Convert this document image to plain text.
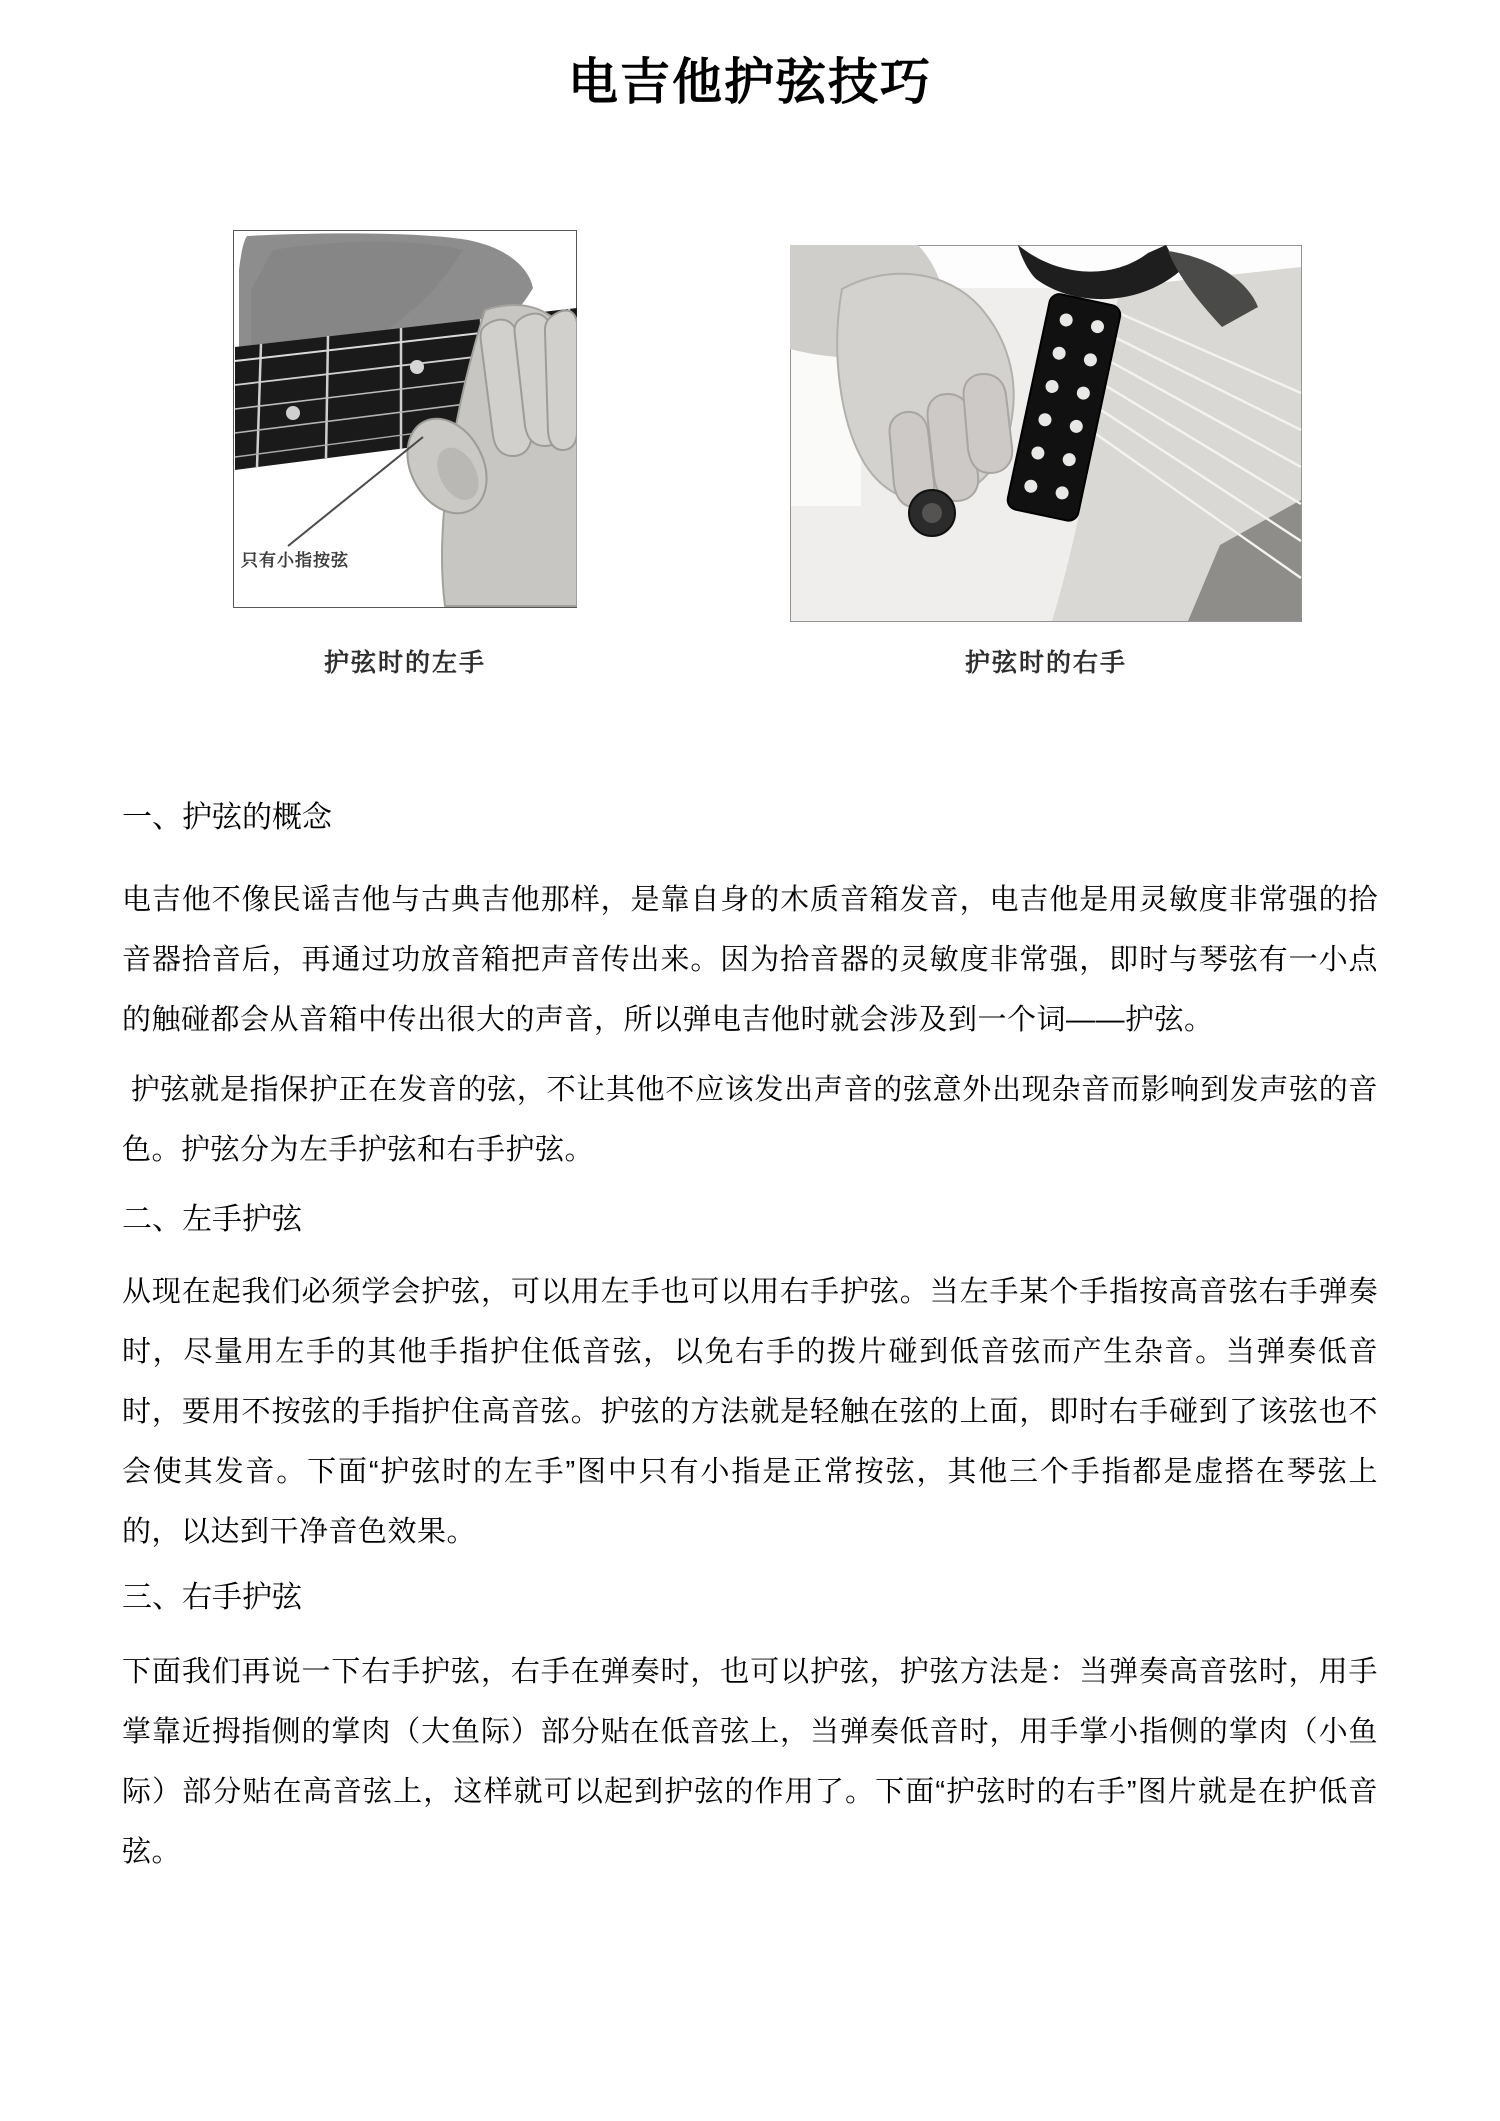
电吉他护弦技巧
只有小指按弦
护弦时的左手	护弦时的右手
一、护弦的概念

电吉他不像民谣吉他与古典吉他那样，是靠自身的木质音箱发音，电吉他是用灵敏度非常强的拾音器拾音后，再通过功放音箱把声音传出来。因为拾音器的灵敏度非常强，即时与琴弦有一小点的触碰都会从音箱中传出很大的声音，所以弹电吉他时就会涉及到一个词——护弦。

护弦就是指保护正在发音的弦，不让其他不应该发出声音的弦意外出现杂音而影响到发声弦的音色。护弦分为左手护弦和右手护弦。

二、左手护弦

从现在起我们必须学会护弦，可以用左手也可以用右手护弦。当左手某个手指按高音弦右手弹奏时，尽量用左手的其他手指护住低音弦，以免右手的拨片碰到低音弦而产生杂音。当弹奏低音时，要用不按弦的手指护住高音弦。护弦的方法就是轻触在弦的上面，即时右手碰到了该弦也不会使其发音。下面“护弦时的左手”图中只有小指是正常按弦，其他三个手指都是虚搭在琴弦上的，以达到干净音色效果。

三、右手护弦

下面我们再说一下右手护弦，右手在弹奏时，也可以护弦，护弦方法是：当弹奏高音弦时，用手掌靠近拇指侧的掌肉（大鱼际）部分贴在低音弦上，当弹奏低音时，用手掌小指侧的掌肉（小鱼际）部分贴在高音弦上，这样就可以起到护弦的作用了。下面“护弦时的右手”图片就是在护低音弦。
